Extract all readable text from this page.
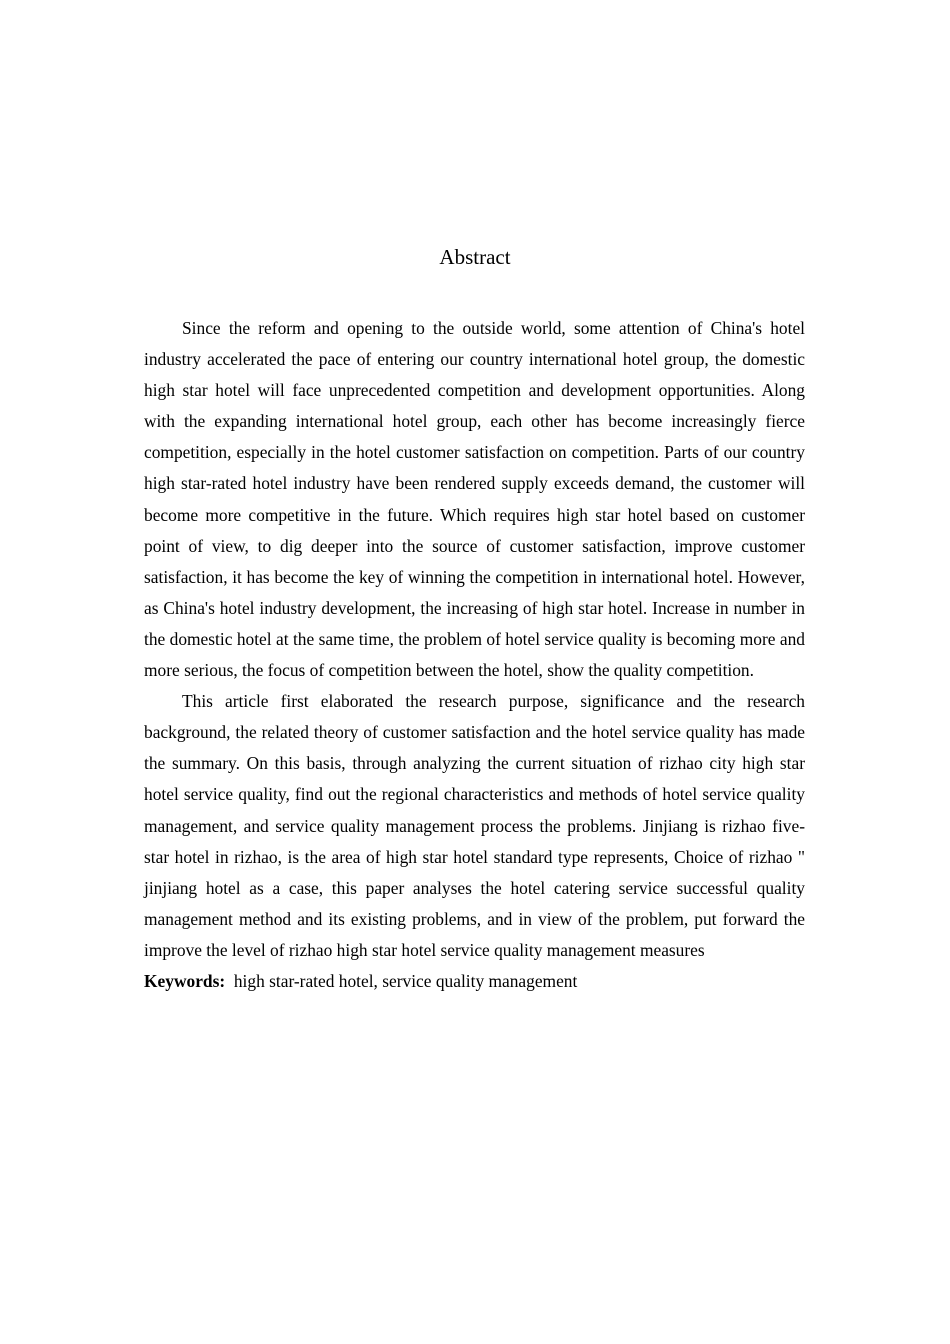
Abstract

Since the reform and opening to the outside world, some attention of China's hotel industry accelerated the pace of entering our country international hotel group, the domestic high star hotel will face unprecedented competition and development opportunities. Along with the expanding international hotel group, each other has become increasingly fierce competition, especially in the hotel customer satisfaction on competition. Parts of our country high star-rated hotel industry have been rendered supply exceeds demand, the customer will become more competitive in the future. Which requires high star hotel based on customer point of view, to dig deeper into the source of customer satisfaction, improve customer satisfaction, it has become the key of winning the competition in international hotel. However, as China's hotel industry development, the increasing of high star hotel. Increase in number in the domestic hotel at the same time, the problem of hotel service quality is becoming more and more serious, the focus of competition between the hotel, show the quality competition.

This article first elaborated the research purpose, significance and the research background, the related theory of customer satisfaction and the hotel service quality has made the summary. On this basis, through analyzing the current situation of rizhao city high star hotel service quality, find out the regional characteristics and methods of hotel service quality management, and service quality management process the problems. Jinjiang is rizhao five-star hotel in rizhao, is the area of high star hotel standard type represents, Choice of rizhao " jinjiang hotel as a case, this paper analyses the hotel catering service successful quality management method and its existing problems, and in view of the problem, put forward the improve the level of rizhao high star hotel service quality management measures

Keywords: high star-rated hotel, service quality management
